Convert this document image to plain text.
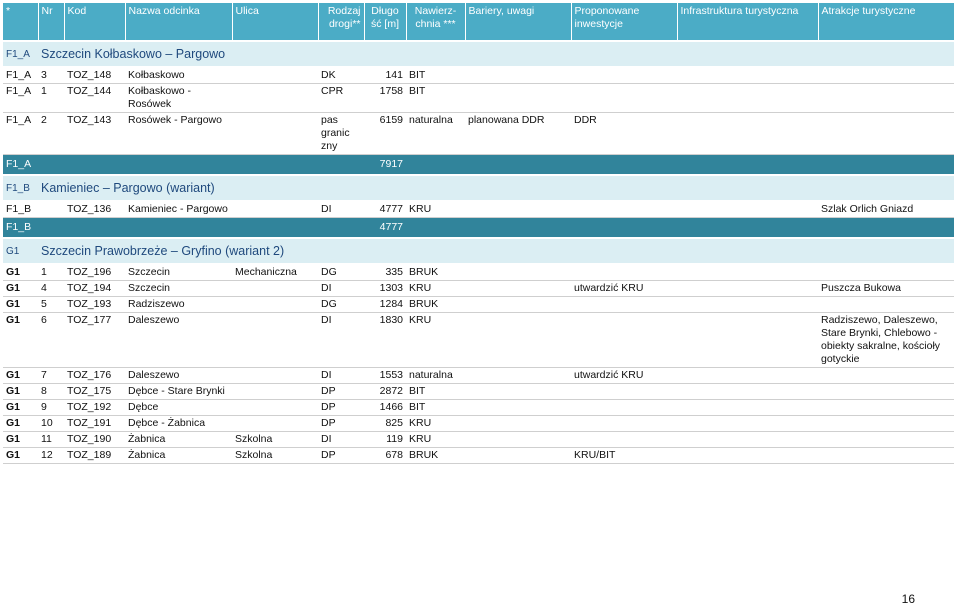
*	Nr	Kod	Nazwa odcinka	Ulica	Rodzaj drogi**	Długo ść [m]	Nawierz- chnia ***	Bariery, uwagi	Proponowane inwestycje	Infrastruktura turystyczna	Atrakcje turystyczne
F1_A	Szczecin Kołbaskowo – Pargowo										
F1_A	3	TOZ_148	Kołbaskowo		DK	141	BIT				
F1_A	1	TOZ_144	Kołbaskowo - Rosówek		CPR	1758	BIT				
F1_A	2	TOZ_143	Rosówek - Pargowo		pas granic zny	6159	naturalna	planowana DDR	DDR		
F1_A						7917					
F1_B	Kamieniec – Pargowo (wariant)										
F1_B		TOZ_136	Kamieniec - Pargowo		DI	4777	KRU				Szlak Orlich Gniazd
F1_B						4777					
G1	Szczecin Prawobrzeże – Gryfino (wariant 2)										
G1	1	TOZ_196	Szczecin	Mechaniczna	DG	335	BRUK				
G1	4	TOZ_194	Szczecin		DI	1303	KRU		utwardzić KRU		Puszcza Bukowa
G1	5	TOZ_193	Radziszewo		DG	1284	BRUK				
G1	6	TOZ_177	Daleszewo		DI	1830	KRU				Radziszewo, Daleszewo, Stare Brynki, Chlebowo - obiekty sakralne, kościoły gotyckie
G1	7	TOZ_176	Daleszewo		DI	1553	naturalna		utwardzić KRU		
G1	8	TOZ_175	Dębce - Stare Brynki		DP	2872	BIT				
G1	9	TOZ_192	Dębce		DP	1466	BIT				
G1	10	TOZ_191	Dębce - Żabnica		DP	825	KRU				
G1	11	TOZ_190	Żabnica	Szkolna	DI	119	KRU				
G1	12	TOZ_189	Żabnica	Szkolna	DP	678	BRUK		KRU/BIT		
16
